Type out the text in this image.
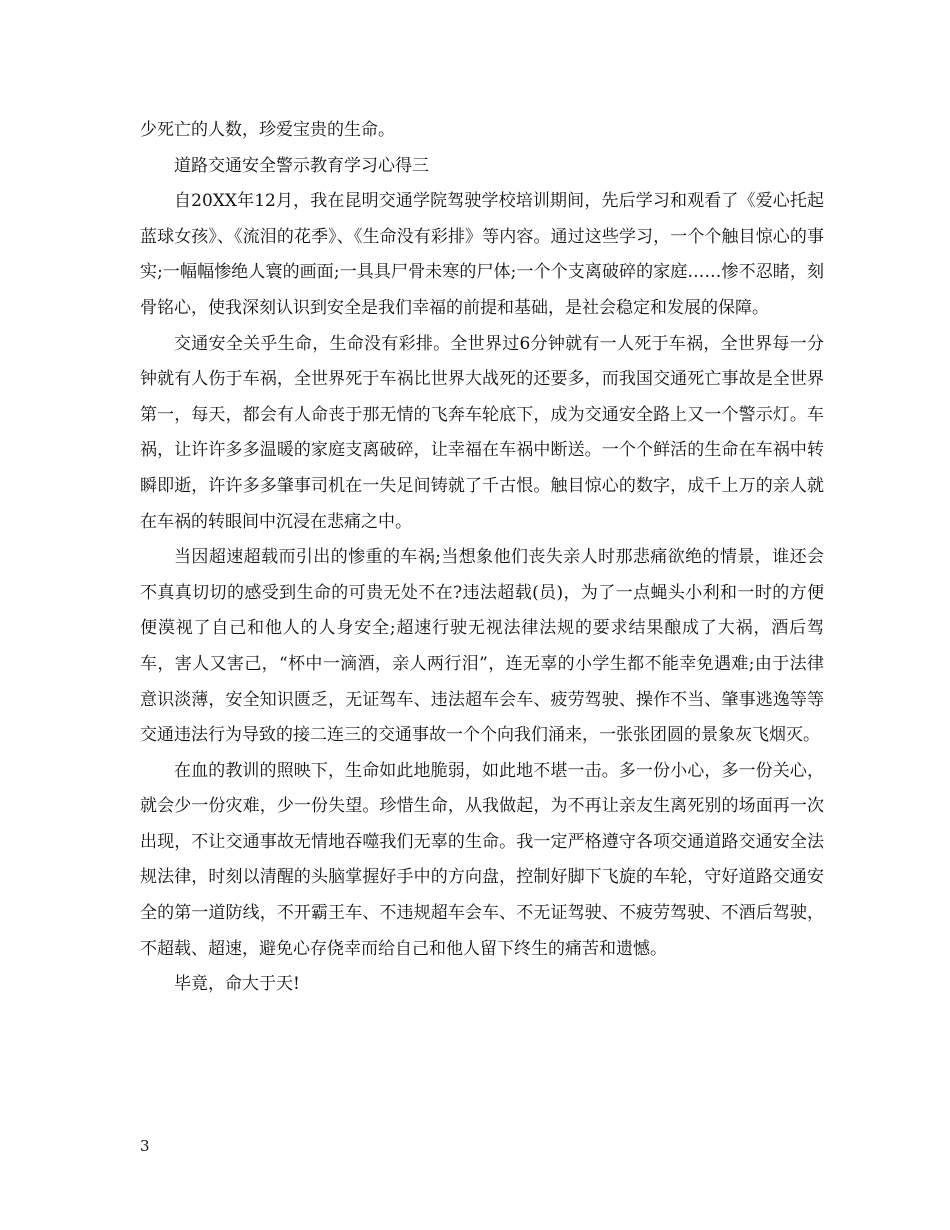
少死亡的人数，珍爱宝贵的生命。

道路交通安全警示教育学习心得三

自20XX年12月，我在昆明交通学院驾驶学校培训期间，先后学习和观看了《爱心托起蓝球女孩》、《流泪的花季》、《生命没有彩排》等内容。通过这些学习，一个个触目惊心的事实;一幅幅惨绝人寰的画面;一具具尸骨未寒的尸体;一个个支离破碎的家庭……惨不忍睹，刻骨铭心，使我深刻认识到安全是我们幸福的前提和基础，是社会稳定和发展的保障。

交通安全关乎生命，生命没有彩排。全世界过6分钟就有一人死于车祸，全世界每一分钟就有人伤于车祸，全世界死于车祸比世界大战死的还要多，而我国交通死亡事故是全世界第一，每天，都会有人命丧于那无情的飞奔车轮底下，成为交通安全路上又一个警示灯。车祸，让许许多多温暖的家庭支离破碎，让幸福在车祸中断送。一个个鲜活的生命在车祸中转瞬即逝，许许多多肇事司机在一失足间铸就了千古恨。触目惊心的数字，成千上万的亲人就在车祸的转眼间中沉浸在悲痛之中。

当因超速超载而引出的惨重的车祸;当想象他们丧失亲人时那悲痛欲绝的情景，谁还会不真真切切的感受到生命的可贵无处不在?违法超载(员)，为了一点蝇头小利和一时的方便便漠视了自己和他人的人身安全;超速行驶无视法律法规的要求结果酿成了大祸，酒后驾车，害人又害己，“杯中一滴酒，亲人两行泪”，连无辜的小学生都不能幸免遇难;由于法律意识淡薄，安全知识匮乏，无证驾车、违法超车会车、疲劳驾驶、操作不当、肇事逃逸等等交通违法行为导致的接二连三的交通事故一个个向我们涌来，一张张团圆的景象灰飞烟灭。

在血的教训的照映下，生命如此地脆弱，如此地不堪一击。多一份小心，多一份关心，就会少一份灾难，少一份失望。珍惜生命，从我做起，为不再让亲友生离死别的场面再一次出现，不让交通事故无情地吞噬我们无辜的生命。我一定严格遵守各项交通道路交通安全法规法律，时刻以清醒的头脑掌握好手中的方向盘，控制好脚下飞旋的车轮，守好道路交通安全的第一道防线，不开霸王车、不违规超车会车、不无证驾驶、不疲劳驾驶、不酒后驾驶，不超载、超速，避免心存侥幸而给自己和他人留下终生的痛苦和遗憾。

毕竟，命大于天!

3
